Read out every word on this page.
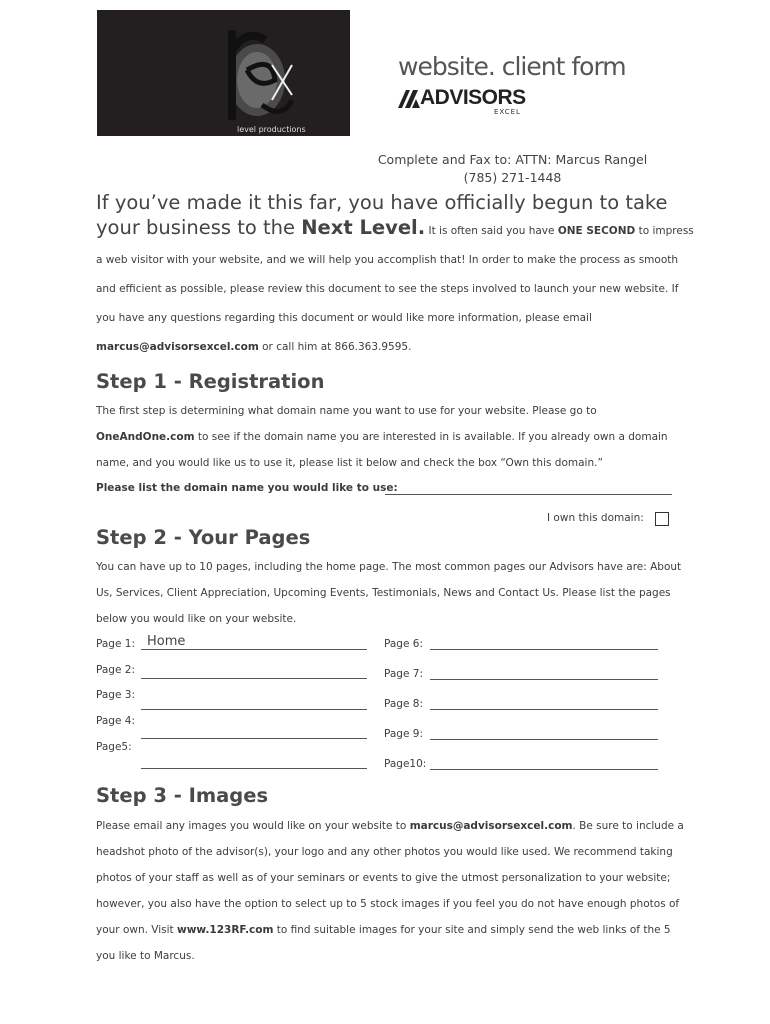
level productions
website. client form
ADVISORS
EXCEL
Complete and Fax to: ATTN: Marcus Rangel
(785) 271-1448
If you’ve made it this far, you have officially begun to take your business to the Next Level. It is often said you have ONE SECOND to impress a web visitor with your website, and we will help you accomplish that! In order to make the process as smooth and efficient as possible, please review this document to see the steps involved to launch your new website. If you have any questions regarding this document or would like more information, please email marcus@advisorsexcel.com or call him at 866.363.9595.
Step 1 - Registration
The first step is determining what domain name you want to use for your website. Please go to OneAndOne.com to see if the domain name you are interested in is available. If you already own a domain name, and you would like us to use it, please list it below and check the box “Own this domain.”
Please list the domain name you would like to use:
I own this domain:
Step 2 - Your Pages
You can have up to 10 pages, including the home page. The most common pages our Advisors have are: About Us, Services, Client Appreciation, Upcoming Events, Testimonials, News and Contact Us. Please list the pages below you would like on your website.
Page 1: Home
Page 2:
Page 3:
Page 4:
Page5:
Page 6:
Page 7:
Page 8:
Page 9:
Page10:
Step 3 - Images
Please email any images you would like on your website to marcus@advisorsexcel.com. Be sure to include a headshot photo of the advisor(s), your logo and any other photos you would like used. We recommend taking photos of your staff as well as of your seminars or events to give the utmost personalization to your website; however, you also have the option to select up to 5 stock images if you feel you do not have enough photos of your own. Visit www.123RF.com to find suitable images for your site and simply send the web links of the 5 you like to Marcus.
